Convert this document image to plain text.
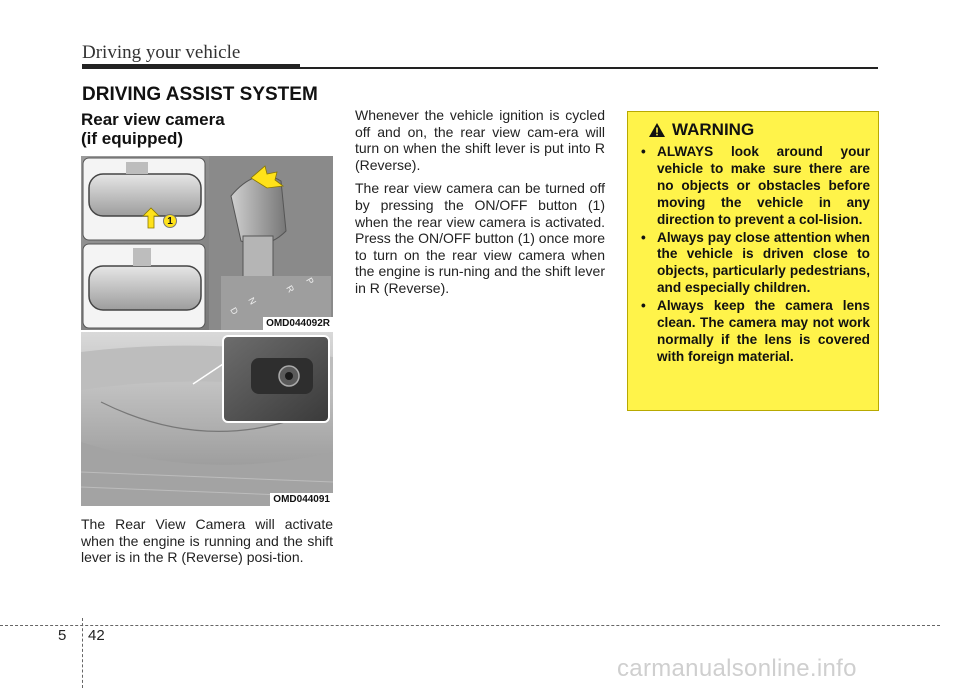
Driving your vehicle
DRIVING ASSIST SYSTEM
Rear view camera
(if equipped)
1
P
R
N
D
OMD044092R
OMD044091
The Rear View Camera will activate when the engine is running and the shift lever is in the R (Reverse) posi-tion.

Whenever the vehicle ignition is cycled off and on, the rear view cam-era will turn on when the shift lever is put into R (Reverse).

The rear view camera can be turned off by pressing the ON/OFF button (1) when the rear view camera is activated. Press the ON/OFF button (1) once more to turn on the rear view camera when the engine is run-ning and the shift lever in R (Reverse).

WARNING
• ALWAYS look around your vehicle to make sure there are no objects or obstacles before moving the vehicle in any direction to prevent a col-lision.
• Always pay close attention when the vehicle is driven close to objects, particularly pedestrians, and especially children.
• Always keep the camera lens clean. The camera may not work normally if the lens is covered with foreign material.
5 42
carmanualsonline.info
